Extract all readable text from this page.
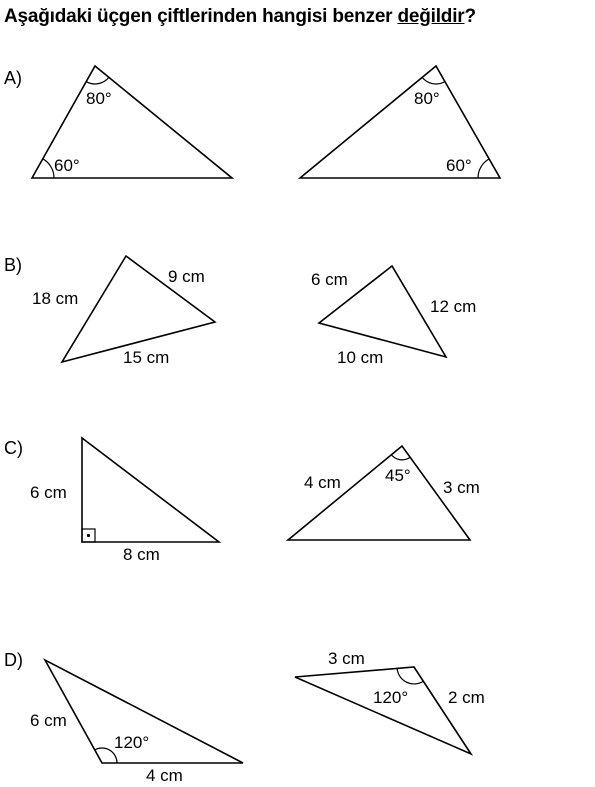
Aşağıdaki üçgen çiftlerinden hangisi benzer değildir?
A)
80°
60°
80°
60°
B)
18 cm
9 cm
15 cm
6 cm
12 cm
10 cm
C)
6 cm
8 cm
4 cm	45°
3 cm
D)
6 cm
120°
4 cm
3 cm
120° 2 cm
